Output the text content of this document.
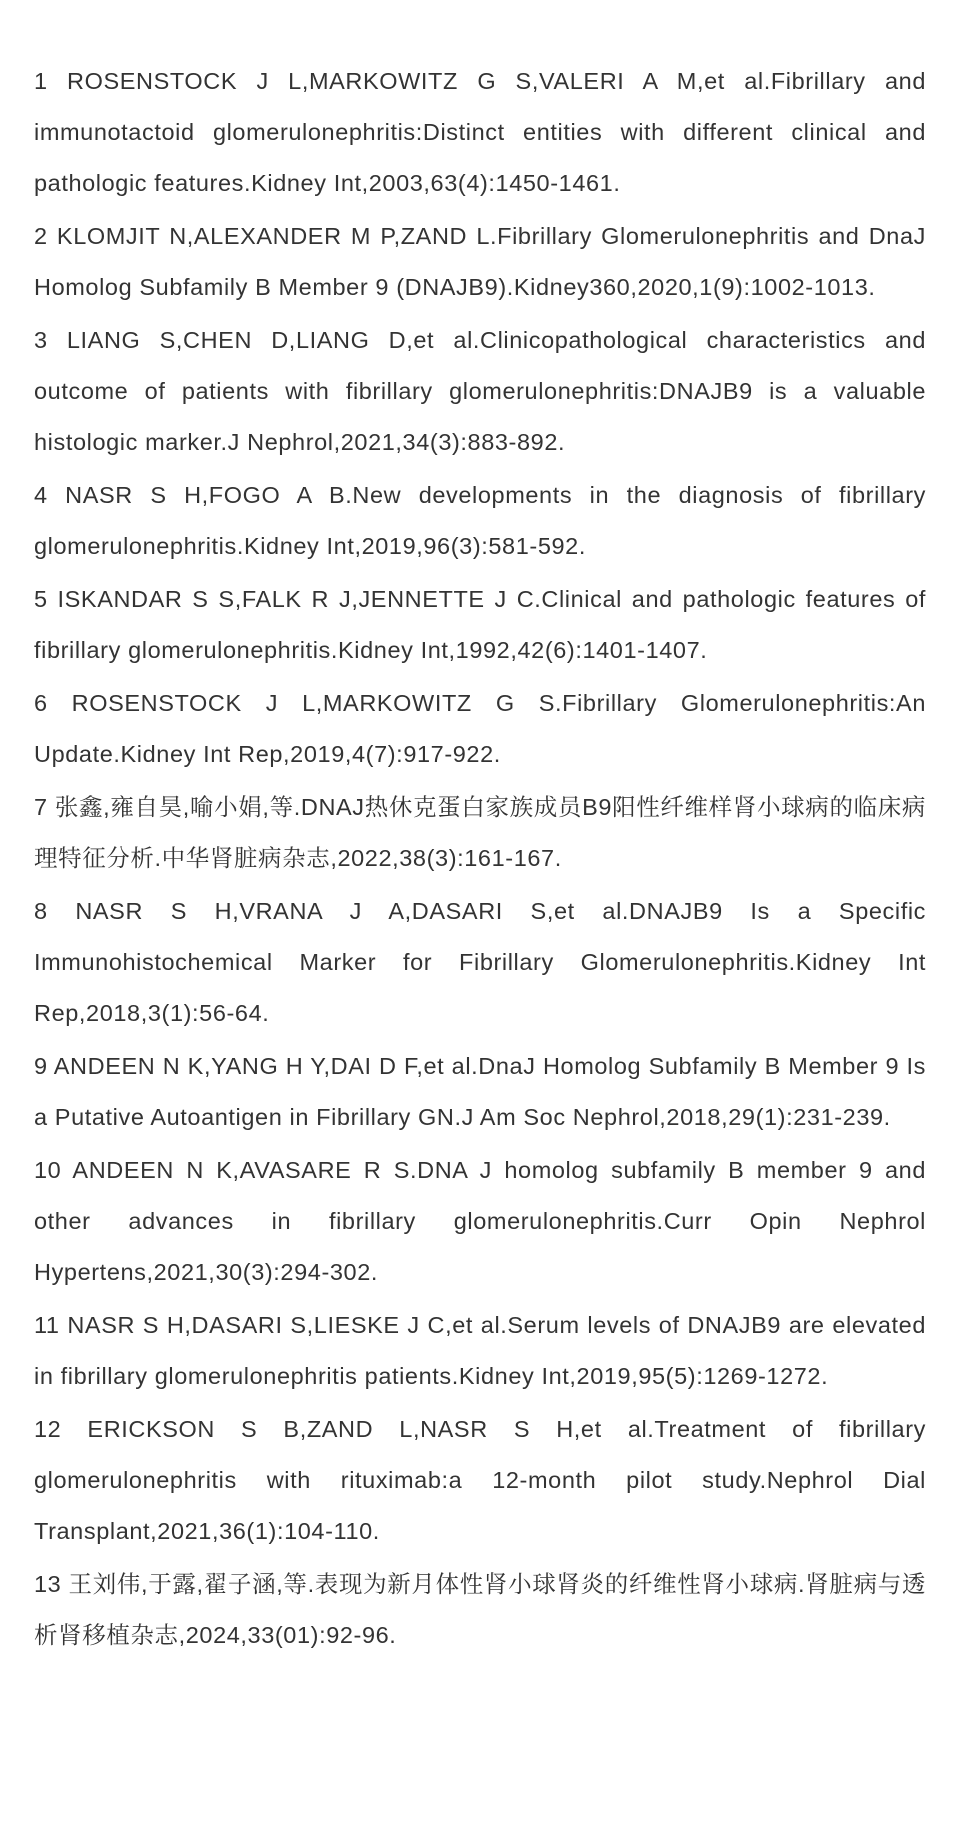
1 ROSENSTOCK J L,MARKOWITZ G S,VALERI A M,et al.Fibrillary and immunotactoid glomerulonephritis:Distinct entities with different clinical and pathologic features.Kidney Int,2003,63(4):1450-1461.
2 KLOMJIT N,ALEXANDER M P,ZAND L.Fibrillary Glomerulonephritis and DnaJ Homolog Subfamily B Member 9 (DNAJB9).Kidney360,2020,1(9):1002-1013.
3 LIANG S,CHEN D,LIANG D,et al.Clinicopathological characteristics and outcome of patients with fibrillary glomerulonephritis:DNAJB9 is a valuable histologic marker.J Nephrol,2021,34(3):883-892.
4 NASR S H,FOGO A B.New developments in the diagnosis of fibrillary glomerulonephritis.Kidney Int,2019,96(3):581-592.
5 ISKANDAR S S,FALK R J,JENNETTE J C.Clinical and pathologic features of fibrillary glomerulonephritis.Kidney Int,1992,42(6):1401-1407.
6 ROSENSTOCK J L,MARKOWITZ G S.Fibrillary Glomerulonephritis:An Update.Kidney Int Rep,2019,4(7):917-922.
7 张鑫,雍自昊,喻小娟,等.DNAJ热休克蛋白家族成员B9阳性纤维样肾小球病的临床病理特征分析.中华肾脏病杂志,2022,38(3):161-167.
8 NASR S H,VRANA J A,DASARI S,et al.DNAJB9 Is a Specific Immunohistochemical Marker for Fibrillary Glomerulonephritis.Kidney Int Rep,2018,3(1):56-64.
9 ANDEEN N K,YANG H Y,DAI D F,et al.DnaJ Homolog Subfamily B Member 9 Is a Putative Autoantigen in Fibrillary GN.J Am Soc Nephrol,2018,29(1):231-239.
10 ANDEEN N K,AVASARE R S.DNA J homolog subfamily B member 9 and other advances in fibrillary glomerulonephritis.Curr Opin Nephrol Hypertens,2021,30(3):294-302.
11 NASR S H,DASARI S,LIESKE J C,et al.Serum levels of DNAJB9 are elevated in fibrillary glomerulonephritis patients.Kidney Int,2019,95(5):1269-1272.
12 ERICKSON S B,ZAND L,NASR S H,et al.Treatment of fibrillary glomerulonephritis with rituximab:a 12-month pilot study.Nephrol Dial Transplant,2021,36(1):104-110.
13 王刘伟,于露,翟子涵,等.表现为新月体性肾小球肾炎的纤维性肾小球病.肾脏病与透析肾移植杂志,2024,33(01):92-96.
